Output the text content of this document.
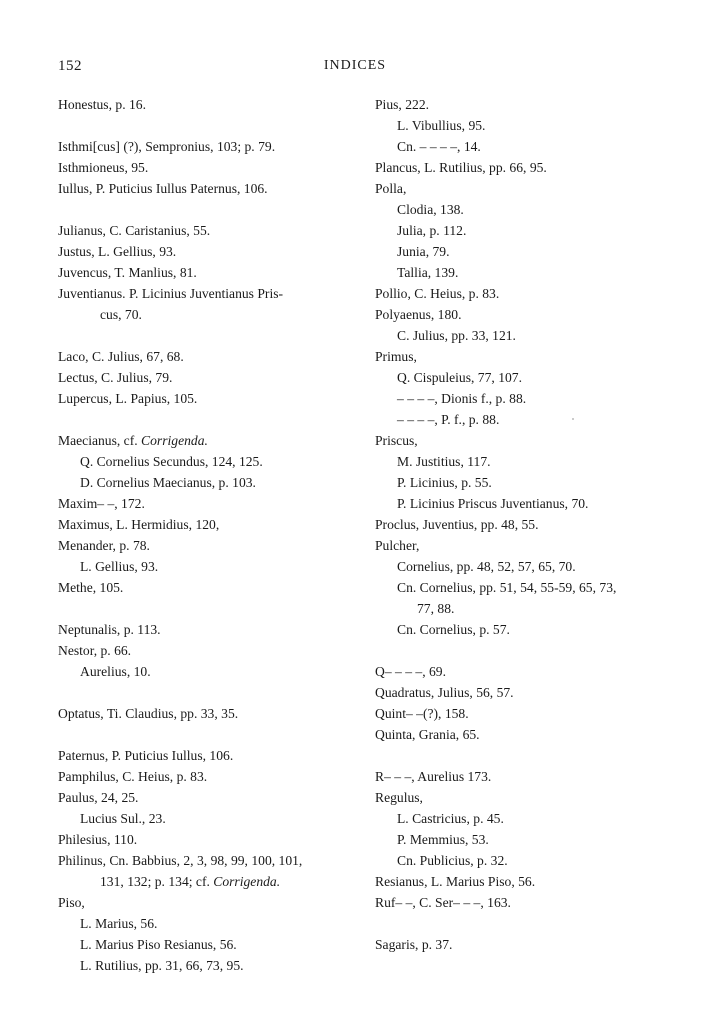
152	INDICES
Honestus, p. 16.
Isthmi[cus] (?), Sempronius, 103; p. 79.
Isthmioneus, 95.
Iullus, P. Puticius Iullus Paternus, 106.
Julianus, C. Caristanius, 55.
Justus, L. Gellius, 93.
Juvencus, T. Manlius, 81.
Juventianus. P. Licinius Juventianus Pris-
cus, 70.
Laco, C. Julius, 67, 68.
Lectus, C. Julius, 79.
Lupercus, L. Papius, 105.
Maecianus, cf. Corrigenda.
Q. Cornelius Secundus, 124, 125.
D. Cornelius Maecianus, p. 103.
Maxim– –, 172.
Maximus, L. Hermidius, 120,
Menander, p. 78.
L. Gellius, 93.
Methe, 105.
Neptunalis, p. 113.
Nestor, p. 66.
Aurelius, 10.
Optatus, Ti. Claudius, pp. 33, 35.
Paternus, P. Puticius Iullus, 106.
Pamphilus, C. Heius, p. 83.
Paulus, 24, 25.
Lucius Sul., 23.
Philesius, 110.
Philinus, Cn. Babbius, 2, 3, 98, 99, 100, 101,
131, 132; p. 134; cf. Corrigenda.
Piso,
L. Marius, 56.
L. Marius Piso Resianus, 56.
L. Rutilius, pp. 31, 66, 73, 95.
Pius, 222.
L. Vibullius, 95.
Cn. – – – –, 14.
Plancus, L. Rutilius, pp. 66, 95.
Polla,
Clodia, 138.
Julia, p. 112.
Junia, 79.
Tallia, 139.
Pollio, C. Heius, p. 83.
Polyaenus, 180.
C. Julius, pp. 33, 121.
Primus,
Q. Cispuleius, 77, 107.
– – – –, Dionis f., p. 88.
– – – –, P. f., p. 88.
Priscus,
M. Justitius, 117.
P. Licinius, p. 55.
P. Licinius Priscus Juventianus, 70.
Proclus, Juventius, pp. 48, 55.
Pulcher,
Cornelius, pp. 48, 52, 57, 65, 70.
Cn. Cornelius, pp. 51, 54, 55-59, 65, 73,
77, 88.
Cn. Cornelius, p. 57.
Q– – – –, 69.
Quadratus, Julius, 56, 57.
Quint– –(?), 158.
Quinta, Grania, 65.
R– – –, Aurelius 173.
Regulus,
L. Castricius, p. 45.
P. Memmius, 53.
Cn. Publicius, p. 32.
Resianus, L. Marius Piso, 56.
Ruf– –, C. Ser– – –, 163.
Sagaris, p. 37.
